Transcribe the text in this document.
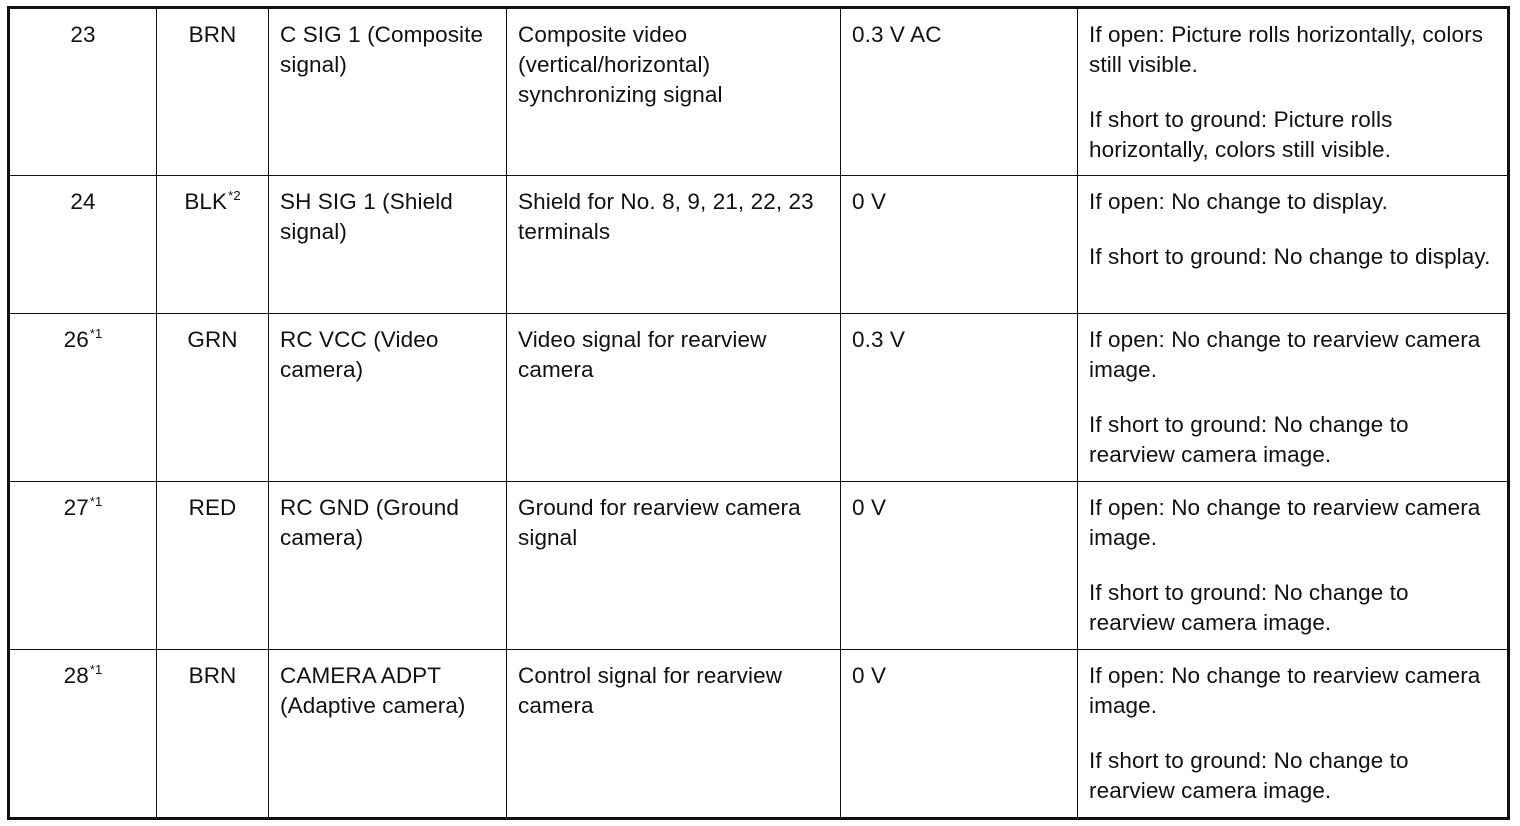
23	BRN	C SIG 1 (Composite signal)	Composite video (vertical/horizontal) synchronizing signal	0.3 V AC	If open: Picture rolls horizontally, colors still visible.
If short to ground: Picture rolls horizontally, colors still visible.

24	BLK$^{*2}$	SH SIG 1 (Shield signal)	Shield for No. 8, 9, 21, 22, 23 terminals	0 V	If open: No change to display.
If short to ground: No change to display.

26$^{*1}$	GRN	RC VCC (Video camera)	Video signal for rearview camera	0.3 V	If open: No change to rearview camera image.
If short to ground: No change to rearview camera image.

27$^{*1}$	RED	RC GND (Ground camera)	Ground for rearview camera signal	0 V	If open: No change to rearview camera image.
If short to ground: No change to rearview camera image.

28$^{*1}$	BRN	CAMERA ADPT (Adaptive camera)	Control signal for rearview camera	0 V	If open: No change to rearview camera image.
If short to ground: No change to rearview camera image.
